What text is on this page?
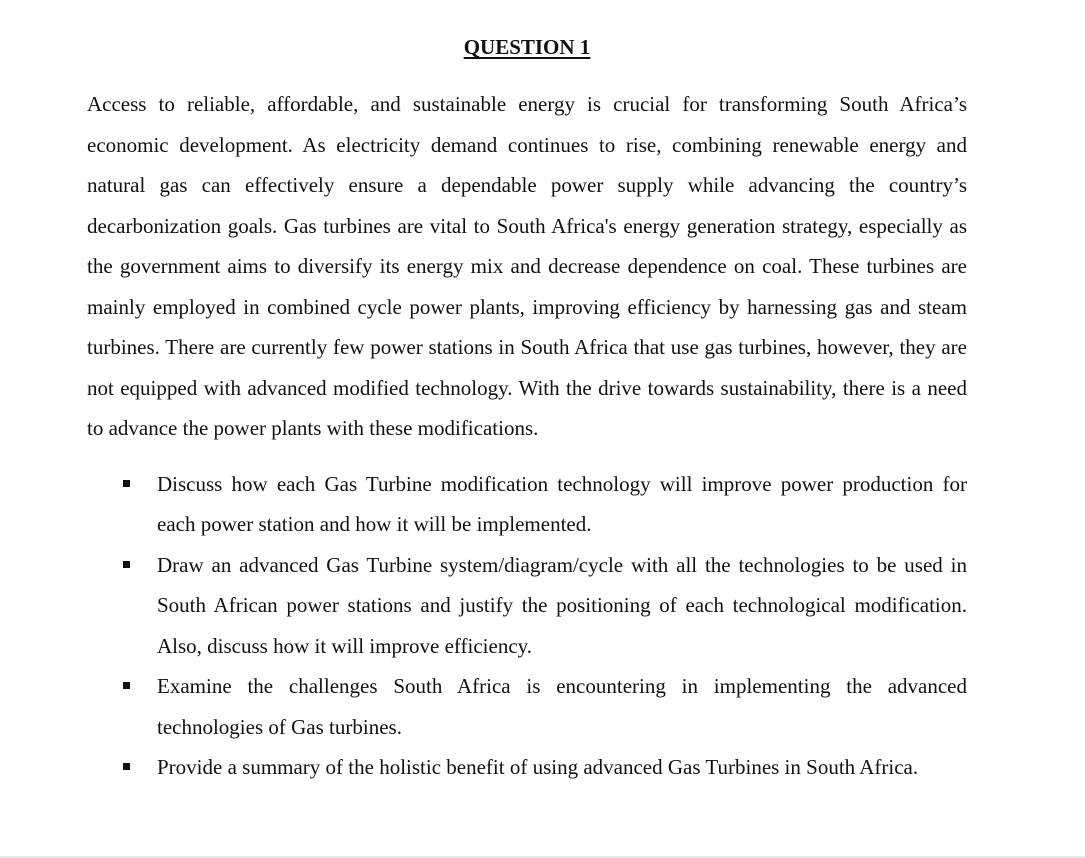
QUESTION 1

Access to reliable, affordable, and sustainable energy is crucial for transforming South Africa’s economic development. As electricity demand continues to rise, combining renewable energy and natural gas can effectively ensure a dependable power supply while advancing the country’s decarbonization goals. Gas turbines are vital to South Africa's energy generation strategy, especially as the government aims to diversify its energy mix and decrease dependence on coal. These turbines are mainly employed in combined cycle power plants, improving efficiency by harnessing gas and steam turbines. There are currently few power stations in South Africa that use gas turbines, however, they are not equipped with advanced modified technology. With the drive towards sustainability, there is a need to advance the power plants with these modifications.

Discuss how each Gas Turbine modification technology will improve power production for each power station and how it will be implemented.
Draw an advanced Gas Turbine system/diagram/cycle with all the technologies to be used in South African power stations and justify the positioning of each technological modification. Also, discuss how it will improve efficiency.
Examine the challenges South Africa is encountering in implementing the advanced technologies of Gas turbines.
Provide a summary of the holistic benefit of using advanced Gas Turbines in South Africa.
